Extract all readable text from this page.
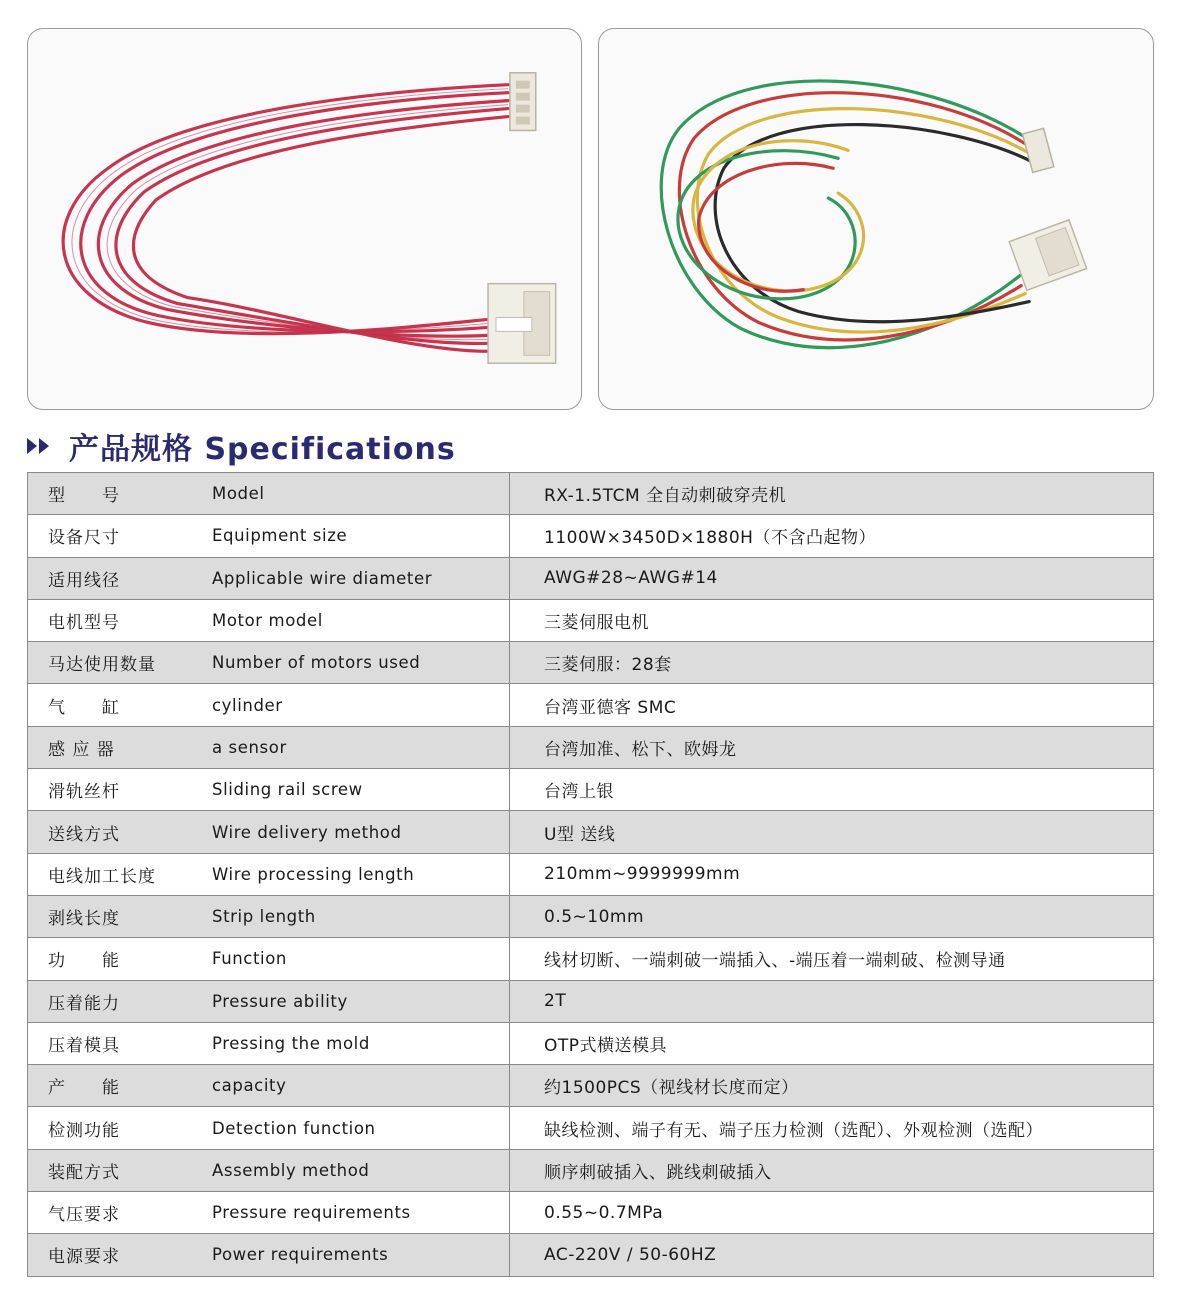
产品规格 Specifications
型　　号 Model	RX-1.5TCM 全自动刺破穿壳机

设备尺寸 Equipment size	1100W×3450D×1880H（不含凸起物）

适用线径 Applicable wire diameter	AWG#28~AWG#14

电机型号 Motor model	三菱伺服电机

马达使用数量 Number of motors used	三菱伺服：28套

气　　缸 cylinder	台湾亚德客 SMC

感 应 器 a sensor	台湾加准、松下、欧姆龙

滑轨丝杆 Sliding rail screw	台湾上银

送线方式 Wire delivery method	U型 送线

电线加工长度 Wire processing length	210mm~9999999mm

剥线长度 Strip length	0.5~10mm

功　　能 Function	线材切断、一端刺破一端插入、-端压着一端刺破、检测导通

压着能力 Pressure ability	2T

压着模具 Pressing the mold	OTP式横送模具

产　　能 capacity	约1500PCS（视线材长度而定）

检测功能 Detection function	缺线检测、端子有无、端子压力检测（选配）、外观检测（选配）

装配方式 Assembly method	顺序刺破插入、跳线刺破插入

气压要求 Pressure requirements	0.55~0.7MPa

电源要求 Power requirements	AC-220V / 50-60HZ
